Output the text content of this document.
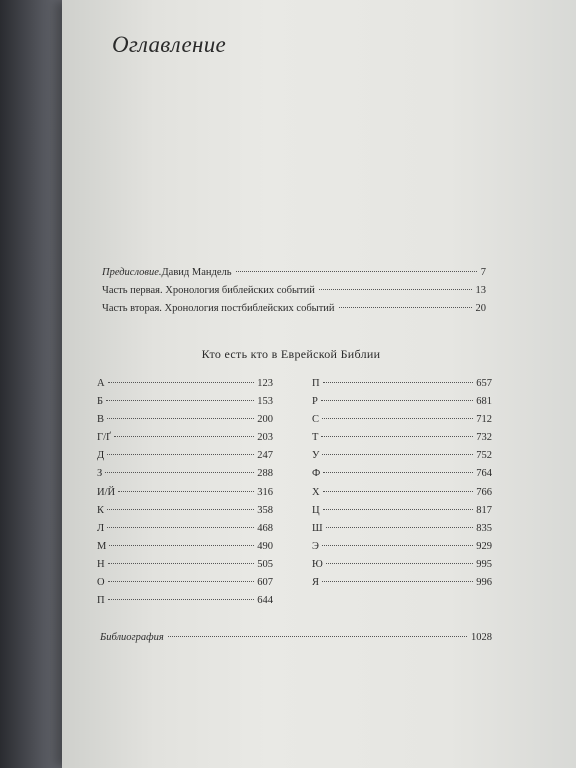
Оглавление
Предисловие. Давид Мандель	7
Часть первая. Хронология библейских событий	13
Часть вторая. Хронология постбиблейских событий	20
Кто есть кто в Еврейской Библии
А	123
Б	153
В	200
Г/Ґ	203
Д	247
З	288
И/Й	316
К	358
Л	468
М	490
Н	505
О	607
П	644
П	657
Р	681
С	712
Т	732
У	752
Ф	764
Х	766
Ц	817
Ш	835
Э	929
Ю	995
Я	996
Библиография	1028
